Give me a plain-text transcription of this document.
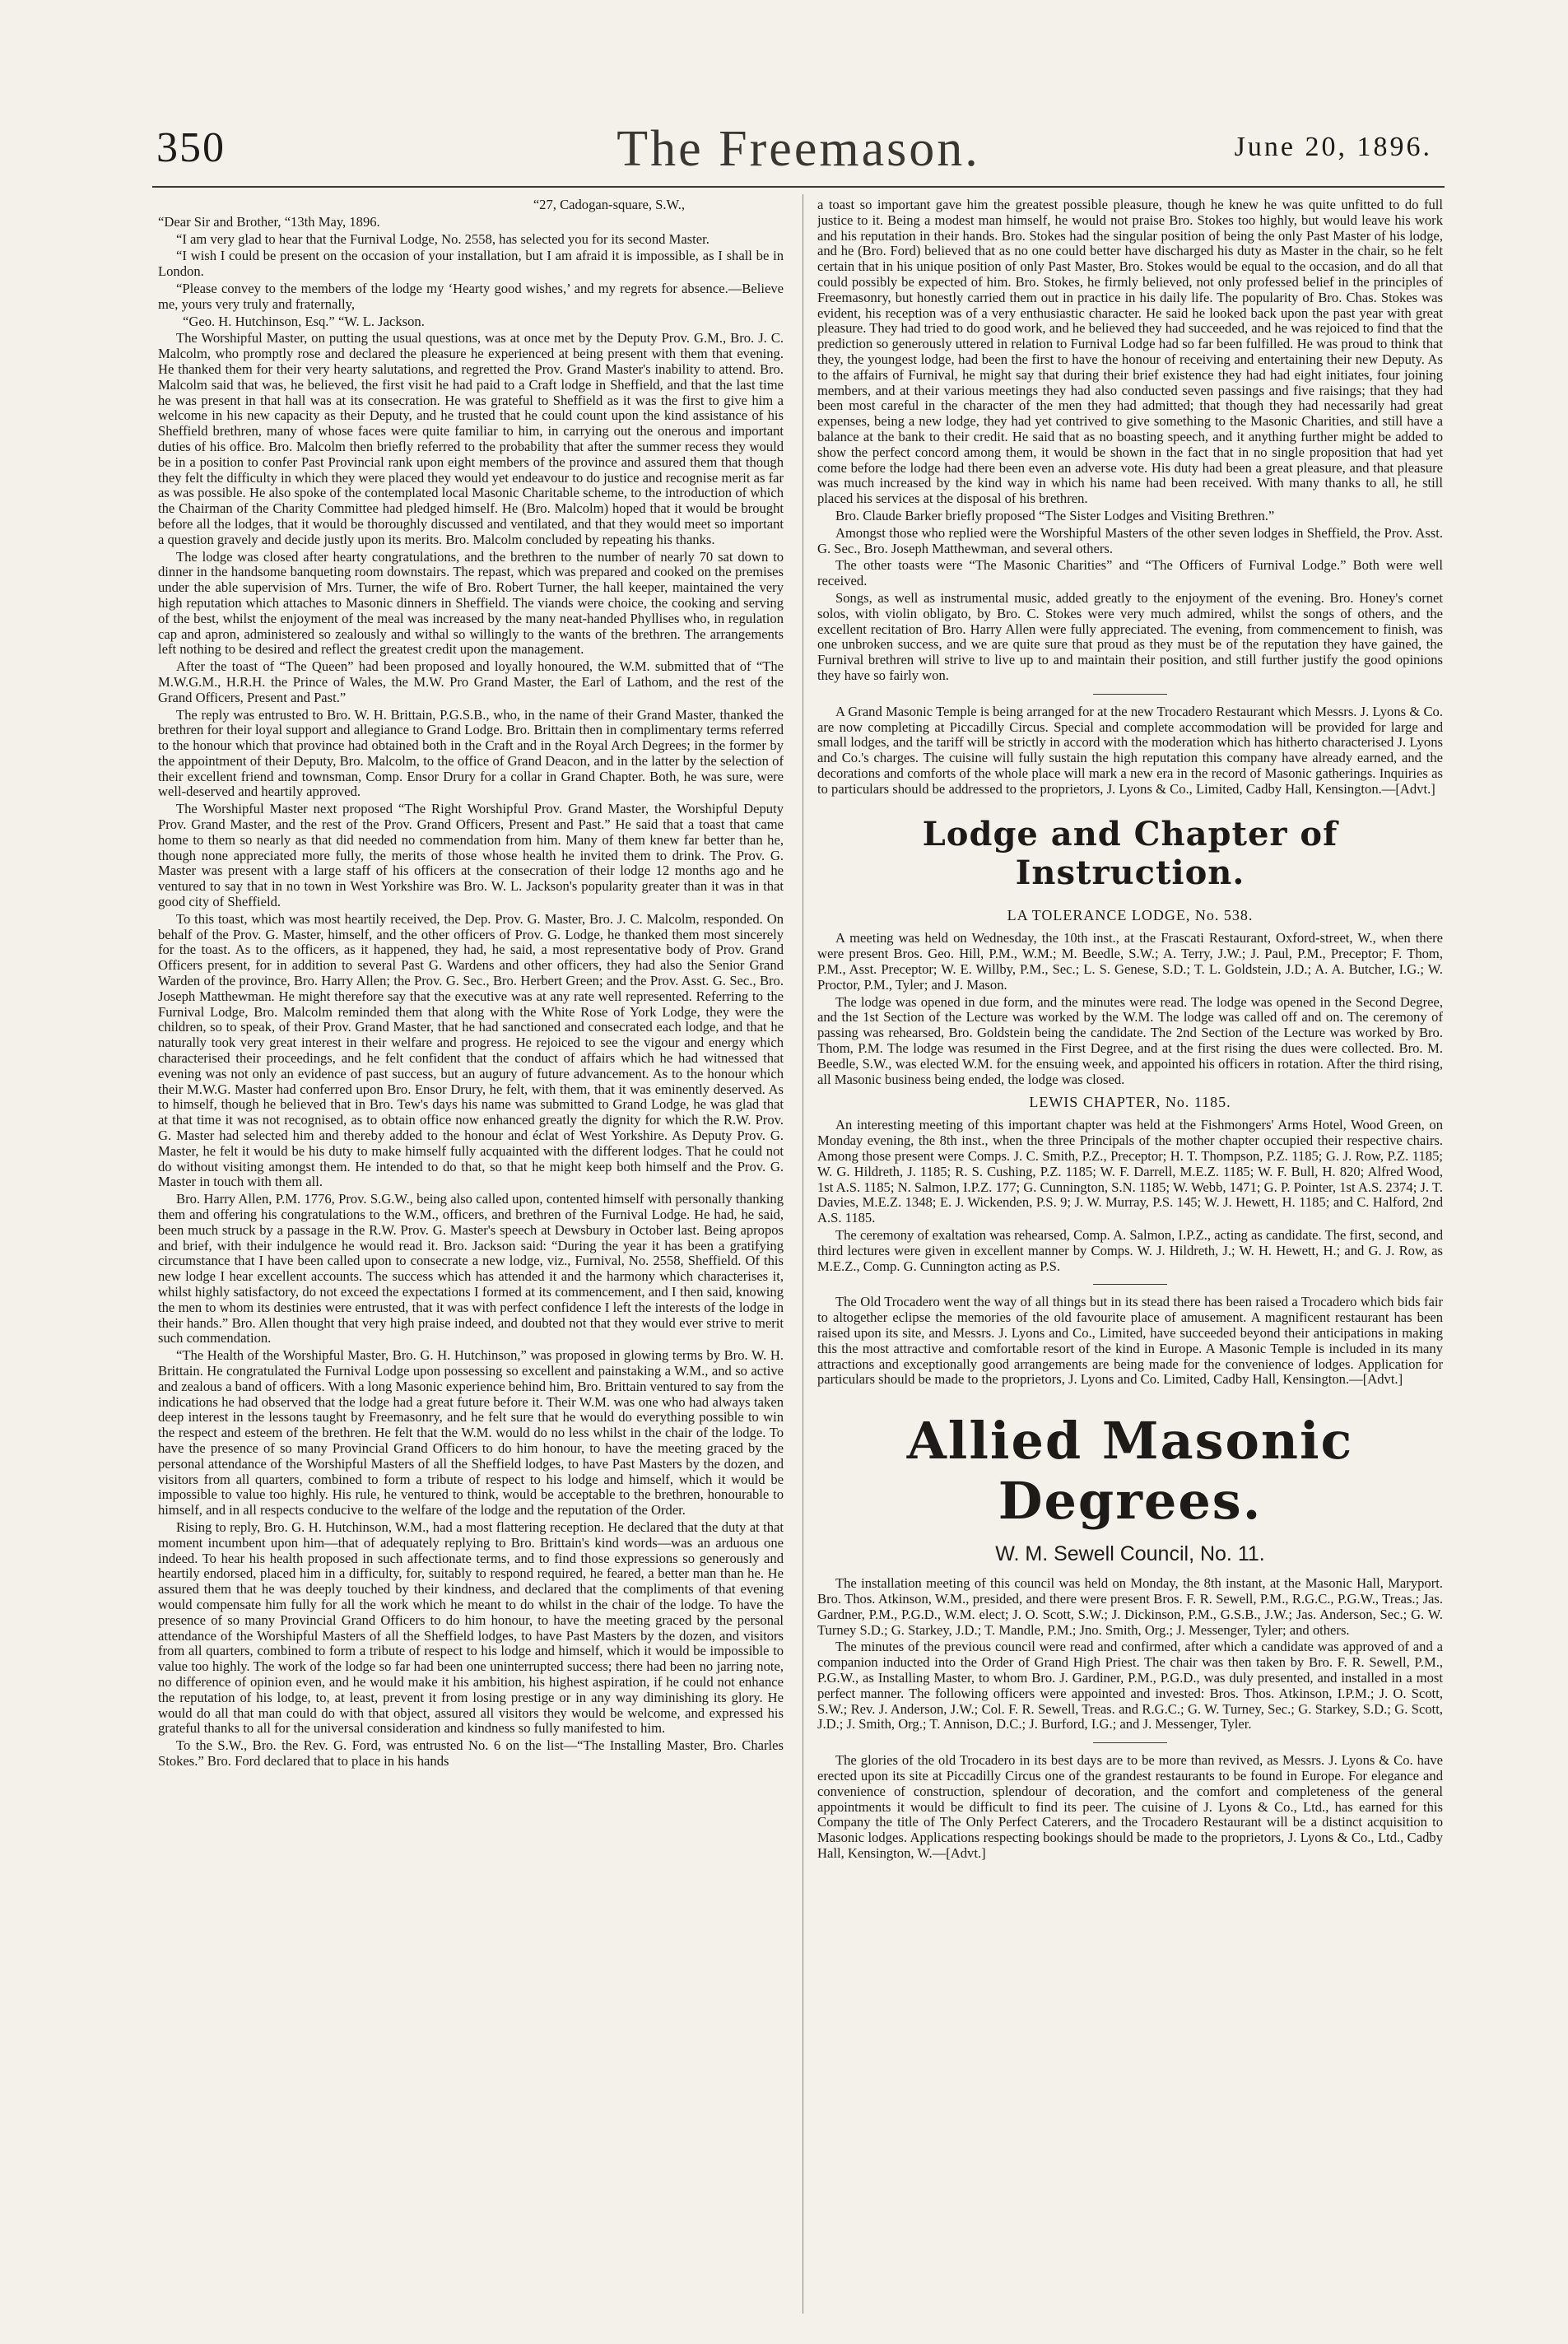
350	The Freemason.	June 20, 1896.

“27, Cadogan-square, S.W.,

“Dear Sir and Brother, “13th May, 1896.

“I am very glad to hear that the Furnival Lodge, No. 2558, has selected you for its second Master.

“I wish I could be present on the occasion of your installation, but I am afraid it is impossible, as I shall be in London.

“Please convey to the members of the lodge my ‘Hearty good wishes,’ and my regrets for absence.—Believe me, yours very truly and fraternally,

“Geo. H. Hutchinson, Esq.” “W. L. Jackson.

The Worshipful Master, on putting the usual questions, was at once met by the Deputy Prov. G.M., Bro. J. C. Malcolm, who promptly rose and declared the pleasure he experienced at being present with them that evening. He thanked them for their very hearty salutations, and regretted the Prov. Grand Master's inability to attend. Bro. Malcolm said that was, he believed, the first visit he had paid to a Craft lodge in Sheffield, and that the last time he was present in that hall was at its consecration. He was grateful to Sheffield as it was the first to give him a welcome in his new capacity as their Deputy, and he trusted that he could count upon the kind assistance of his Sheffield brethren, many of whose faces were quite familiar to him, in carrying out the onerous and important duties of his office. Bro. Malcolm then briefly referred to the probability that after the summer recess they would be in a position to confer Past Provincial rank upon eight members of the province and assured them that though they felt the difficulty in which they were placed they would yet endeavour to do justice and recognise merit as far as was possible. He also spoke of the contemplated local Masonic Charitable scheme, to the introduction of which the Chairman of the Charity Committee had pledged himself. He (Bro. Malcolm) hoped that it would be brought before all the lodges, that it would be thoroughly discussed and ventilated, and that they would meet so important a question gravely and decide justly upon its merits. Bro. Malcolm concluded by repeating his thanks.

The lodge was closed after hearty congratulations, and the brethren to the number of nearly 70 sat down to dinner in the handsome banqueting room downstairs. The repast, which was prepared and cooked on the premises under the able supervision of Mrs. Turner, the wife of Bro. Robert Turner, the hall keeper, maintained the very high reputation which attaches to Masonic dinners in Sheffield. The viands were choice, the cooking and serving of the best, whilst the enjoyment of the meal was increased by the many neat-handed Phyllises who, in regulation cap and apron, administered so zealously and withal so willingly to the wants of the brethren. The arrangements left nothing to be desired and reflect the greatest credit upon the management.

After the toast of “The Queen” had been proposed and loyally honoured, the W.M. submitted that of “The M.W.G.M., H.R.H. the Prince of Wales, the M.W. Pro Grand Master, the Earl of Lathom, and the rest of the Grand Officers, Present and Past.”

The reply was entrusted to Bro. W. H. Brittain, P.G.S.B., who, in the name of their Grand Master, thanked the brethren for their loyal support and allegiance to Grand Lodge. Bro. Brittain then in complimentary terms referred to the honour which that province had obtained both in the Craft and in the Royal Arch Degrees; in the former by the appointment of their Deputy, Bro. Malcolm, to the office of Grand Deacon, and in the latter by the selection of their excellent friend and townsman, Comp. Ensor Drury for a collar in Grand Chapter. Both, he was sure, were well-deserved and heartily approved.

The Worshipful Master next proposed “The Right Worshipful Prov. Grand Master, the Worshipful Deputy Prov. Grand Master, and the rest of the Prov. Grand Officers, Present and Past.” He said that a toast that came home to them so nearly as that did needed no commendation from him. Many of them knew far better than he, though none appreciated more fully, the merits of those whose health he invited them to drink. The Prov. G. Master was present with a large staff of his officers at the consecration of their lodge 12 months ago and he ventured to say that in no town in West Yorkshire was Bro. W. L. Jackson's popularity greater than it was in that good city of Sheffield.

To this toast, which was most heartily received, the Dep. Prov. G. Master, Bro. J. C. Malcolm, responded. On behalf of the Prov. G. Master, himself, and the other officers of Prov. G. Lodge, he thanked them most sincerely for the toast. As to the officers, as it happened, they had, he said, a most representative body of Prov. Grand Officers present, for in addition to several Past G. Wardens and other officers, they had also the Senior Grand Warden of the province, Bro. Harry Allen; the Prov. G. Sec., Bro. Herbert Green; and the Prov. Asst. G. Sec., Bro. Joseph Matthewman. He might therefore say that the executive was at any rate well represented. Referring to the Furnival Lodge, Bro. Malcolm reminded them that along with the White Rose of York Lodge, they were the children, so to speak, of their Prov. Grand Master, that he had sanctioned and consecrated each lodge, and that he naturally took very great interest in their welfare and progress. He rejoiced to see the vigour and energy which characterised their proceedings, and he felt confident that the conduct of affairs which he had witnessed that evening was not only an evidence of past success, but an augury of future advancement. As to the honour which their M.W.G. Master had conferred upon Bro. Ensor Drury, he felt, with them, that it was eminently deserved. As to himself, though he believed that in Bro. Tew's days his name was submitted to Grand Lodge, he was glad that at that time it was not recognised, as to obtain office now enhanced greatly the dignity for which the R.W. Prov. G. Master had selected him and thereby added to the honour and éclat of West Yorkshire. As Deputy Prov. G. Master, he felt it would be his duty to make himself fully acquainted with the different lodges. That he could not do without visiting amongst them. He intended to do that, so that he might keep both himself and the Prov. G. Master in touch with them all.

Bro. Harry Allen, P.M. 1776, Prov. S.G.W., being also called upon, contented himself with personally thanking them and offering his congratulations to the W.M., officers, and brethren of the Furnival Lodge. He had, he said, been much struck by a passage in the R.W. Prov. G. Master's speech at Dewsbury in October last. Being apropos and brief, with their indulgence he would read it. Bro. Jackson said: “During the year it has been a gratifying circumstance that I have been called upon to consecrate a new lodge, viz., Furnival, No. 2558, Sheffield. Of this new lodge I hear excellent accounts. The success which has attended it and the harmony which characterises it, whilst highly satisfactory, do not exceed the expectations I formed at its commencement, and I then said, knowing the men to whom its destinies were entrusted, that it was with perfect confidence I left the interests of the lodge in their hands.” Bro. Allen thought that very high praise indeed, and doubted not that they would ever strive to merit such commendation.

“The Health of the Worshipful Master, Bro. G. H. Hutchinson,” was proposed in glowing terms by Bro. W. H. Brittain. He congratulated the Furnival Lodge upon possessing so excellent and painstaking a W.M., and so active and zealous a band of officers. With a long Masonic experience behind him, Bro. Brittain ventured to say from the indications he had observed that the lodge had a great future before it. Their W.M. was one who had always taken deep interest in the lessons taught by Freemasonry, and he felt sure that he would do everything possible to win the respect and esteem of the brethren. He felt that the W.M. would do no less whilst in the chair of the lodge. To have the presence of so many Provincial Grand Officers to do him honour, to have the meeting graced by the personal attendance of the Worshipful Masters of all the Sheffield lodges, to have Past Masters by the dozen, and visitors from all quarters, combined to form a tribute of respect to his lodge and himself, which it would be impossible to value too highly. His rule, he ventured to think, would be acceptable to the brethren, honourable to himself, and in all respects conducive to the welfare of the lodge and the reputation of the Order.

Rising to reply, Bro. G. H. Hutchinson, W.M., had a most flattering reception. He declared that the duty at that moment incumbent upon him—that of adequately replying to Bro. Brittain's kind words—was an arduous one indeed. To hear his health proposed in such affectionate terms, and to find those expressions so generously and heartily endorsed, placed him in a difficulty, for, suitably to respond required, he feared, a better man than he. He assured them that he was deeply touched by their kindness, and declared that the compliments of that evening would compensate him fully for all the work which he meant to do whilst in the chair of the lodge. To have the presence of so many Provincial Grand Officers to do him honour, to have the meeting graced by the personal attendance of the Worshipful Masters of all the Sheffield lodges, to have Past Masters by the dozen, and visitors from all quarters, combined to form a tribute of respect to his lodge and himself, which it would be impossible to value too highly. The work of the lodge so far had been one uninterrupted success; there had been no jarring note, no difference of opinion even, and he would make it his ambition, his highest aspiration, if he could not enhance the reputation of his lodge, to, at least, prevent it from losing prestige or in any way diminishing its glory. He would do all that man could do with that object, assured all visitors they would be welcome, and expressed his grateful thanks to all for the universal consideration and kindness so fully manifested to him.

To the S.W., Bro. the Rev. G. Ford, was entrusted No. 6 on the list—“The Installing Master, Bro. Charles Stokes.” Bro. Ford declared that to place in his hands

a toast so important gave him the greatest possible pleasure, though he knew he was quite unfitted to do full justice to it. Being a modest man himself, he would not praise Bro. Stokes too highly, but would leave his work and his reputation in their hands. Bro. Stokes had the singular position of being the only Past Master of his lodge, and he (Bro. Ford) believed that as no one could better have discharged his duty as Master in the chair, so he felt certain that in his unique position of only Past Master, Bro. Stokes would be equal to the occasion, and do all that could possibly be expected of him. Bro. Stokes, he firmly believed, not only professed belief in the principles of Freemasonry, but honestly carried them out in practice in his daily life. The popularity of Bro. Chas. Stokes was evident, his reception was of a very enthusiastic character. He said he looked back upon the past year with great pleasure. They had tried to do good work, and he believed they had succeeded, and he was rejoiced to find that the prediction so generously uttered in relation to Furnival Lodge had so far been fulfilled. He was proud to think that they, the youngest lodge, had been the first to have the honour of receiving and entertaining their new Deputy. As to the affairs of Furnival, he might say that during their brief existence they had had eight initiates, four joining members, and at their various meetings they had also conducted seven passings and five raisings; that they had been most careful in the character of the men they had admitted; that though they had necessarily had great expenses, being a new lodge, they had yet contrived to give something to the Masonic Charities, and still have a balance at the bank to their credit. He said that as no boasting speech, and it anything further might be added to show the perfect concord among them, it would be shown in the fact that in no single proposition that had yet come before the lodge had there been even an adverse vote. His duty had been a great pleasure, and that pleasure was much increased by the kind way in which his name had been received. With many thanks to all, he still placed his services at the disposal of his brethren.

Bro. Claude Barker briefly proposed “The Sister Lodges and Visiting Brethren.”

Amongst those who replied were the Worshipful Masters of the other seven lodges in Sheffield, the Prov. Asst. G. Sec., Bro. Joseph Matthewman, and several others.

The other toasts were “The Masonic Charities” and “The Officers of Furnival Lodge.” Both were well received.

Songs, as well as instrumental music, added greatly to the enjoyment of the evening. Bro. Honey's cornet solos, with violin obligato, by Bro. C. Stokes were very much admired, whilst the songs of others, and the excellent recitation of Bro. Harry Allen were fully appreciated. The evening, from commencement to finish, was one unbroken success, and we are quite sure that proud as they must be of the reputation they have gained, the Furnival brethren will strive to live up to and maintain their position, and still further justify the good opinions they have so fairly won.

A Grand Masonic Temple is being arranged for at the new Trocadero Restaurant which Messrs. J. Lyons & Co. are now completing at Piccadilly Circus. Special and complete accommodation will be provided for large and small lodges, and the tariff will be strictly in accord with the moderation which has hitherto characterised J. Lyons and Co.'s charges. The cuisine will fully sustain the high reputation this company have already earned, and the decorations and comforts of the whole place will mark a new era in the record of Masonic gatherings. Inquiries as to particulars should be addressed to the proprietors, J. Lyons & Co., Limited, Cadby Hall, Kensington.—[Advt.]

Lodge and Chapter of Instruction.
LA TOLERANCE LODGE, No. 538.

A meeting was held on Wednesday, the 10th inst., at the Frascati Restaurant, Oxford-street, W., when there were present Bros. Geo. Hill, P.M., W.M.; M. Beedle, S.W.; A. Terry, J.W.; J. Paul, P.M., Preceptor; F. Thom, P.M., Asst. Preceptor; W. E. Willby, P.M., Sec.; L. S. Genese, S.D.; T. L. Goldstein, J.D.; A. A. Butcher, I.G.; W. Proctor, P.M., Tyler; and J. Mason.

The lodge was opened in due form, and the minutes were read. The lodge was opened in the Second Degree, and the 1st Section of the Lecture was worked by the W.M. The lodge was called off and on. The ceremony of passing was rehearsed, Bro. Goldstein being the candidate. The 2nd Section of the Lecture was worked by Bro. Thom, P.M. The lodge was resumed in the First Degree, and at the first rising the dues were collected. Bro. M. Beedle, S.W., was elected W.M. for the ensuing week, and appointed his officers in rotation. After the third rising, all Masonic business being ended, the lodge was closed.

LEWIS CHAPTER, No. 1185.

An interesting meeting of this important chapter was held at the Fishmongers' Arms Hotel, Wood Green, on Monday evening, the 8th inst., when the three Principals of the mother chapter occupied their respective chairs. Among those present were Comps. J. C. Smith, P.Z., Preceptor; H. T. Thompson, P.Z. 1185; G. J. Row, P.Z. 1185; W. G. Hildreth, J. 1185; R. S. Cushing, P.Z. 1185; W. F. Darrell, M.E.Z. 1185; W. F. Bull, H. 820; Alfred Wood, 1st A.S. 1185; N. Salmon, I.P.Z. 177; G. Cunnington, S.N. 1185; W. Webb, 1471; G. P. Pointer, 1st A.S. 2374; J. T. Davies, M.E.Z. 1348; E. J. Wickenden, P.S. 9; J. W. Murray, P.S. 145; W. J. Hewett, H. 1185; and C. Halford, 2nd A.S. 1185.

The ceremony of exaltation was rehearsed, Comp. A. Salmon, I.P.Z., acting as candidate. The first, second, and third lectures were given in excellent manner by Comps. W. J. Hildreth, J.; W. H. Hewett, H.; and G. J. Row, as M.E.Z., Comp. G. Cunnington acting as P.S.

The Old Trocadero went the way of all things but in its stead there has been raised a Trocadero which bids fair to altogether eclipse the memories of the old favourite place of amusement. A magnificent restaurant has been raised upon its site, and Messrs. J. Lyons and Co., Limited, have succeeded beyond their anticipations in making this the most attractive and comfortable resort of the kind in Europe. A Masonic Temple is included in its many attractions and exceptionally good arrangements are being made for the convenience of lodges. Application for particulars should be made to the proprietors, J. Lyons and Co. Limited, Cadby Hall, Kensington.—[Advt.]

Allied Masonic Degrees.
W. M. Sewell Council, No. 11.

The installation meeting of this council was held on Monday, the 8th instant, at the Masonic Hall, Maryport. Bro. Thos. Atkinson, W.M., presided, and there were present Bros. F. R. Sewell, P.M., R.G.C., P.G.W., Treas.; Jas. Gardner, P.M., P.G.D., W.M. elect; J. O. Scott, S.W.; J. Dickinson, P.M., G.S.B., J.W.; Jas. Anderson, Sec.; G. W. Turney S.D.; G. Starkey, J.D.; T. Mandle, P.M.; Jno. Smith, Org.; J. Messenger, Tyler; and others.

The minutes of the previous council were read and confirmed, after which a candidate was approved of and a companion inducted into the Order of Grand High Priest. The chair was then taken by Bro. F. R. Sewell, P.M., P.G.W., as Installing Master, to whom Bro. J. Gardiner, P.M., P.G.D., was duly presented, and installed in a most perfect manner. The following officers were appointed and invested: Bros. Thos. Atkinson, I.P.M.; J. O. Scott, S.W.; Rev. J. Anderson, J.W.; Col. F. R. Sewell, Treas. and R.G.C.; G. W. Turney, Sec.; G. Starkey, S.D.; G. Scott, J.D.; J. Smith, Org.; T. Annison, D.C.; J. Burford, I.G.; and J. Messenger, Tyler.

The glories of the old Trocadero in its best days are to be more than revived, as Messrs. J. Lyons & Co. have erected upon its site at Piccadilly Circus one of the grandest restaurants to be found in Europe. For elegance and convenience of construction, splendour of decoration, and the comfort and completeness of the general appointments it would be difficult to find its peer. The cuisine of J. Lyons & Co., Ltd., has earned for this Company the title of The Only Perfect Caterers, and the Trocadero Restaurant will be a distinct acquisition to Masonic lodges. Applications respecting bookings should be made to the proprietors, J. Lyons & Co., Ltd., Cadby Hall, Kensington, W.—[Advt.]
